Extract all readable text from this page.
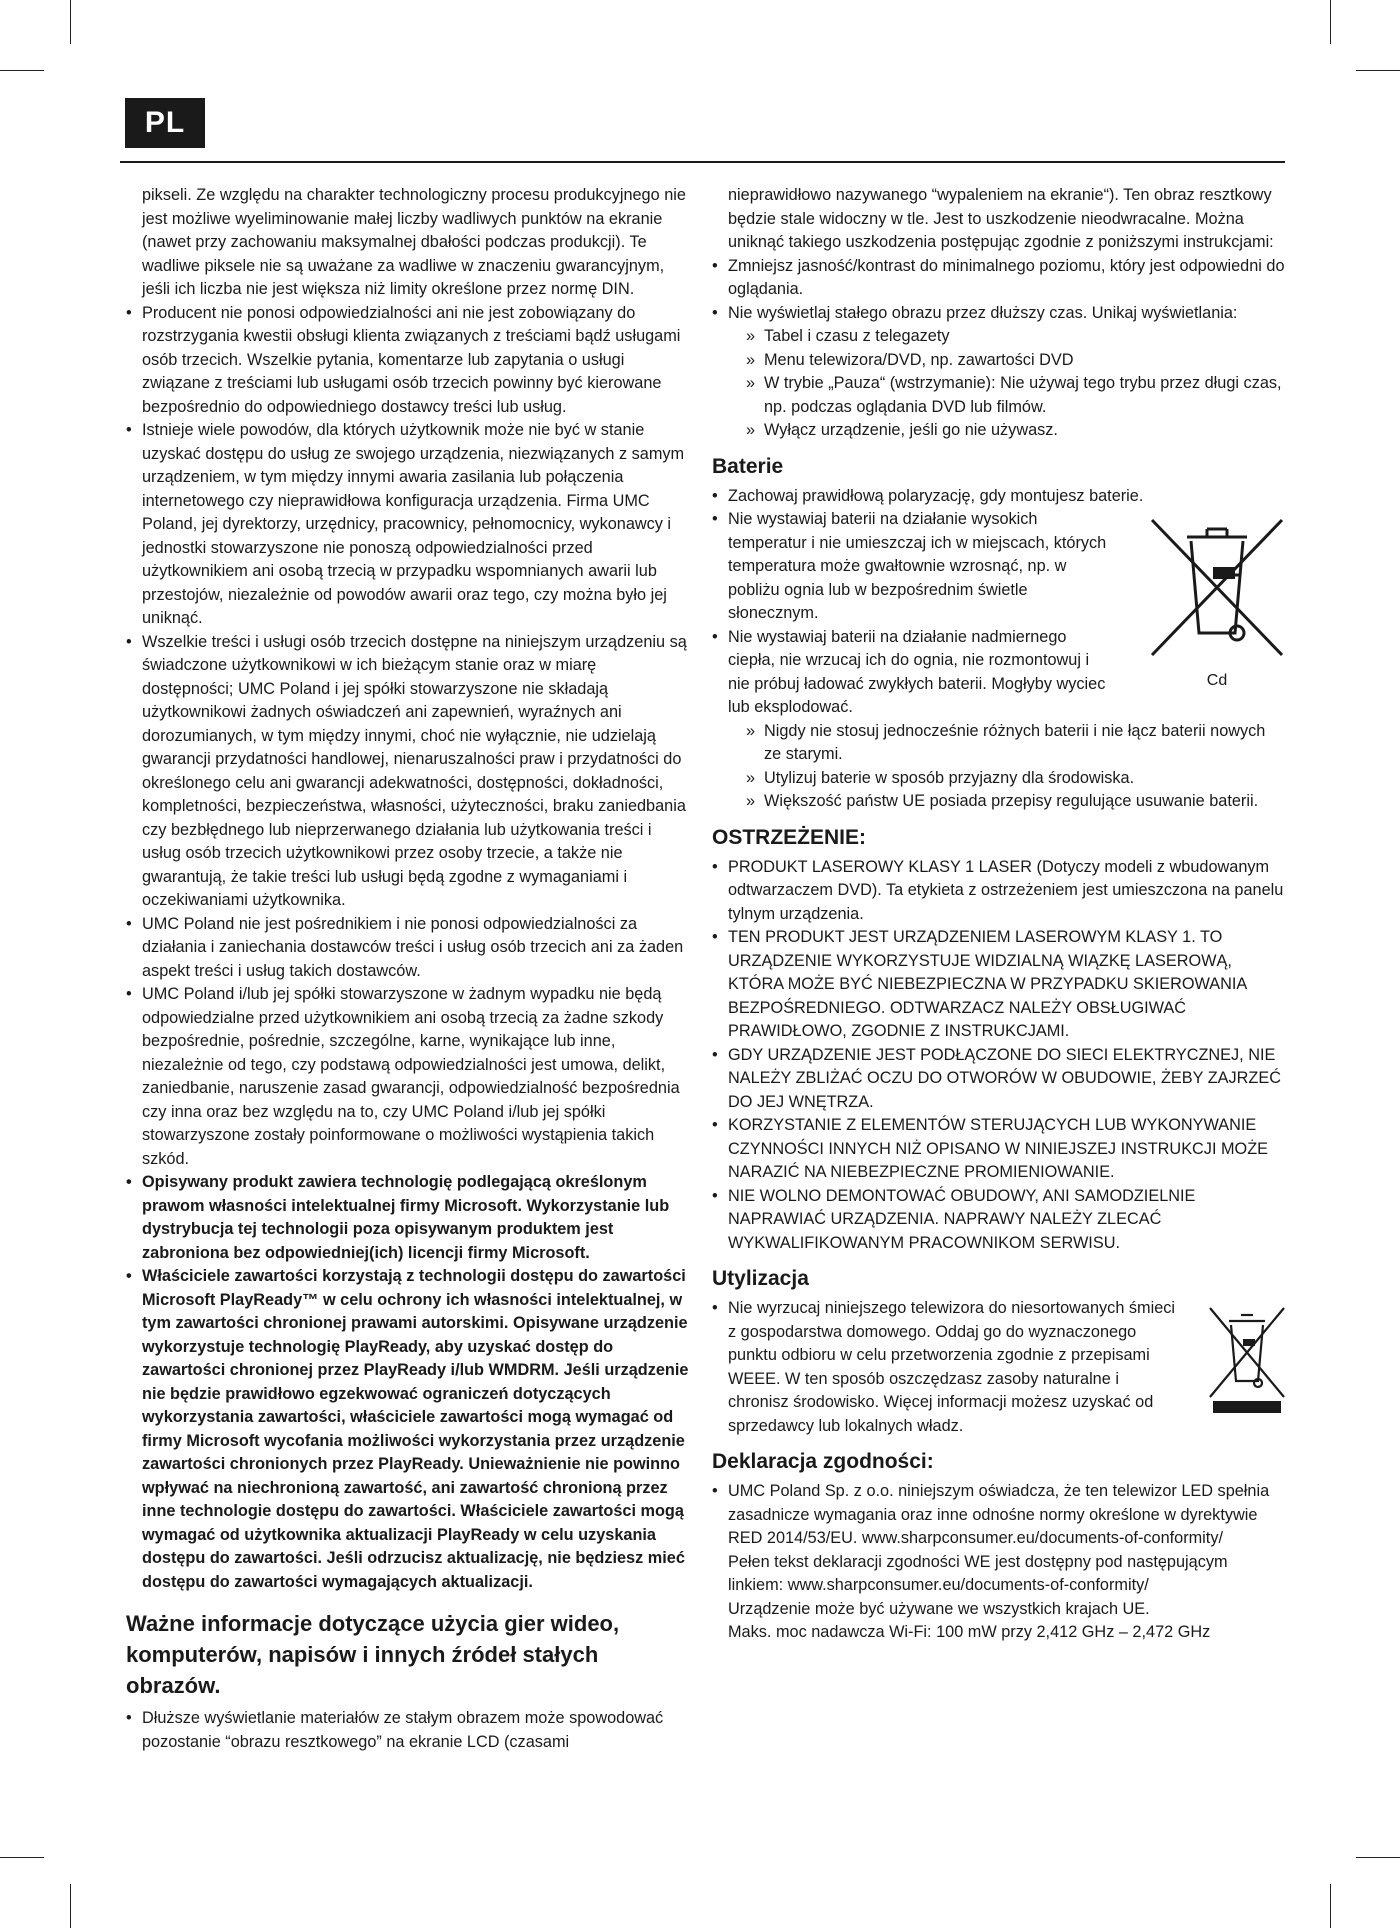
PL
pikseli. Ze względu na charakter technologiczny procesu produkcyjnego nie jest możliwe wyeliminowanie małej liczby wadliwych punktów na ekranie (nawet przy zachowaniu maksymalnej dbałości podczas produkcji). Te wadliwe piksele nie są uważane za wadliwe w znaczeniu gwarancyjnym, jeśli ich liczba nie jest większa niż limity określone przez normę DIN.
• Producent nie ponosi odpowiedzialności ani nie jest zobowiązany do rozstrzygania kwestii obsługi klienta związanych z treściami bądź usługami osób trzecich. Wszelkie pytania, komentarze lub zapytania o usługi związane z treściami lub usługami osób trzecich powinny być kierowane bezpośrednio do odpowiedniego dostawcy treści lub usług.
• Istnieje wiele powodów, dla których użytkownik może nie być w stanie uzyskać dostępu do usług ze swojego urządzenia, niezwiązanych z samym urządzeniem, w tym między innymi awaria zasilania lub połączenia internetowego czy nieprawidłowa konfiguracja urządzenia. Firma UMC Poland, jej dyrektorzy, urzędnicy, pracownicy, pełnomocnicy, wykonawcy i jednostki stowarzyszone nie ponoszą odpowiedzialności przed użytkownikiem ani osobą trzecią w przypadku wspomnianych awarii lub przestojów, niezależnie od powodów awarii oraz tego, czy można było jej uniknąć.
• Wszelkie treści i usługi osób trzecich dostępne na niniejszym urządzeniu są świadczone użytkownikowi w ich bieżącym stanie oraz w miarę dostępności; UMC Poland i jej spółki stowarzyszone nie składają użytkownikowi żadnych oświadczeń ani zapewnień, wyraźnych ani dorozumianych, w tym między innymi, choć nie wyłącznie, nie udzielają gwarancji przydatności handlowej, nienaruszalności praw i przydatności do określonego celu ani gwarancji adekwatności, dostępności, dokładności, kompletności, bezpieczeństwa, własności, użyteczności, braku zaniedbania czy bezbłędnego lub nieprzerwanego działania lub użytkowania treści i usług osób trzecich użytkownikowi przez osoby trzecie, a także nie gwarantują, że takie treści lub usługi będą zgodne z wymaganiami i oczekiwaniami użytkownika.
• UMC Poland nie jest pośrednikiem i nie ponosi odpowiedzialności za działania i zaniechania dostawców treści i usług osób trzecich ani za żaden aspekt treści i usług takich dostawców.
• UMC Poland i/lub jej spółki stowarzyszone w żadnym wypadku nie będą odpowiedzialne przed użytkownikiem ani osobą trzecią za żadne szkody bezpośrednie, pośrednie, szczególne, karne, wynikające lub inne, niezależnie od tego, czy podstawą odpowiedzialności jest umowa, delikt, zaniedbanie, naruszenie zasad gwarancji, odpowiedzialność bezpośrednia czy inna oraz bez względu na to, czy UMC Poland i/lub jej spółki stowarzyszone zostały poinformowane o możliwości wystąpienia takich szkód.
• Opisywany produkt zawiera technologię podlegającą określonym prawom własności intelektualnej firmy Microsoft. Wykorzystanie lub dystrybucja tej technologii poza opisywanym produktem jest zabroniona bez odpowiedniej(ich) licencji firmy Microsoft.
• Właściciele zawartości korzystają z technologii dostępu do zawartości Microsoft PlayReady™ w celu ochrony ich własności intelektualnej, w tym zawartości chronionej prawami autorskimi. Opisywane urządzenie wykorzystuje technologię PlayReady, aby uzyskać dostęp do zawartości chronionej przez PlayReady i/lub WMDRM. Jeśli urządzenie nie będzie prawidłowo egzekwować ograniczeń dotyczących wykorzystania zawartości, właściciele zawartości mogą wymagać od firmy Microsoft wycofania możliwości wykorzystania przez urządzenie zawartości chronionych przez PlayReady. Unieważnienie nie powinno wpływać na niechronioną zawartość, ani zawartość chronioną przez inne technologie dostępu do zawartości. Właściciele zawartości mogą wymagać od użytkownika aktualizacji PlayReady w celu uzyskania dostępu do zawartości. Jeśli odrzucisz aktualizację, nie będziesz mieć dostępu do zawartości wymagających aktualizacji.
Ważne informacje dotyczące użycia gier wideo, komputerów, napisów i innych źródeł stałych obrazów.
• Dłuższe wyświetlanie materiałów ze stałym obrazem może spowodować pozostanie “obrazu resztkowego” na ekranie LCD (czasami
nieprawidłowo nazywanego “wypaleniem na ekranie“). Ten obraz resztkowy będzie stale widoczny w tle. Jest to uszkodzenie nieodwracalne. Można uniknąć takiego uszkodzenia postępując zgodnie z poniższymi instrukcjami:
• Zmniejsz jasność/kontrast do minimalnego poziomu, który jest odpowiedni do oglądania.
• Nie wyświetlaj stałego obrazu przez dłuższy czas. Unikaj wyświetlania:
» Tabel i czasu z telegazety
» Menu telewizora/DVD, np. zawartości DVD
» W trybie „Pauza“ (wstrzymanie): Nie używaj tego trybu przez długi czas, np. podczas oglądania DVD lub filmów.
» Wyłącz urządzenie, jeśli go nie używasz.
Baterie
• Zachowaj prawidłową polaryzację, gdy montujesz baterie.
• Nie wystawiaj baterii na działanie wysokich temperatur i nie umieszczaj ich w miejscach, których temperatura może gwałtownie wzrosnąć, np. w pobliżu ognia lub w bezpośrednim świetle słonecznym.
• Nie wystawiaj baterii na działanie nadmiernego ciepła, nie wrzucaj ich do ognia, nie rozmontowuj i nie próbuj ładować zwykłych baterii. Mogłyby wyciec lub eksplodować.
» Nigdy nie stosuj jednocześnie różnych baterii i nie łącz baterii nowych ze starymi.
» Utylizuj baterie w sposób przyjazny dla środowiska.
» Większość państw UE posiada przepisy regulujące usuwanie baterii.
Cd
OSTRZEŻENIE:
• PRODUKT LASEROWY KLASY 1 LASER (Dotyczy modeli z wbudowanym odtwarzaczem DVD). Ta etykieta z ostrzeżeniem jest umieszczona na panelu tylnym urządzenia.
• TEN PRODUKT JEST URZĄDZENIEM LASEROWYM KLASY 1. TO URZĄDZENIE WYKORZYSTUJE WIDZIALNĄ WIĄZKĘ LASEROWĄ, KTÓRA MOŻE BYĆ NIEBEZPIECZNA W PRZYPADKU SKIEROWANIA BEZPOŚREDNIEGO. ODTWARZACZ NALEŻY OBSŁUGIWAĆ PRAWIDŁOWO, ZGODNIE Z INSTRUKCJAMI.
• GDY URZĄDZENIE JEST PODŁĄCZONE DO SIECI ELEKTRYCZNEJ, NIE NALEŻY ZBLIŻAĆ OCZU DO OTWORÓW W OBUDOWIE, ŻEBY ZAJRZEĆ DO JEJ WNĘTRZA.
• KORZYSTANIE Z ELEMENTÓW STERUJĄCYCH LUB WYKONYWANIE CZYNNOŚCI INNYCH NIŻ OPISANO W NINIEJSZEJ INSTRUKCJI MOŻE NARAZIĆ NA NIEBEZPIECZNE PROMIENIOWANIE.
• NIE WOLNO DEMONTOWAĆ OBUDOWY, ANI SAMODZIELNIE NAPRAWIAĆ URZĄDZENIA. NAPRAWY NALEŻY ZLECAĆ WYKWALIFIKOWANYM PRACOWNIKOM SERWISU.
Utylizacja
• Nie wyrzucaj niniejszego telewizora do niesortowanych śmieci z gospodarstwa domowego. Oddaj go do wyznaczonego punktu odbioru w celu przetworzenia zgodnie z przepisami WEEE. W ten sposób oszczędzasz zasoby naturalne i chronisz środowisko. Więcej informacji możesz uzyskać od sprzedawcy lub lokalnych władz.
Deklaracja zgodności:
• UMC Poland Sp. z o.o. niniejszym oświadcza, że ten telewizor LED spełnia zasadnicze wymagania oraz inne odnośne normy określone w dyrektywie RED 2014/53/EU. www.sharpconsumer.eu/documents-of-conformity/
Pełen tekst deklaracji zgodności WE jest dostępny pod następującym linkiem: www.sharpconsumer.eu/documents-of-conformity/
Urządzenie może być używane we wszystkich krajach UE.
Maks. moc nadawcza Wi-Fi: 100 mW przy 2,412 GHz – 2,472 GHz
